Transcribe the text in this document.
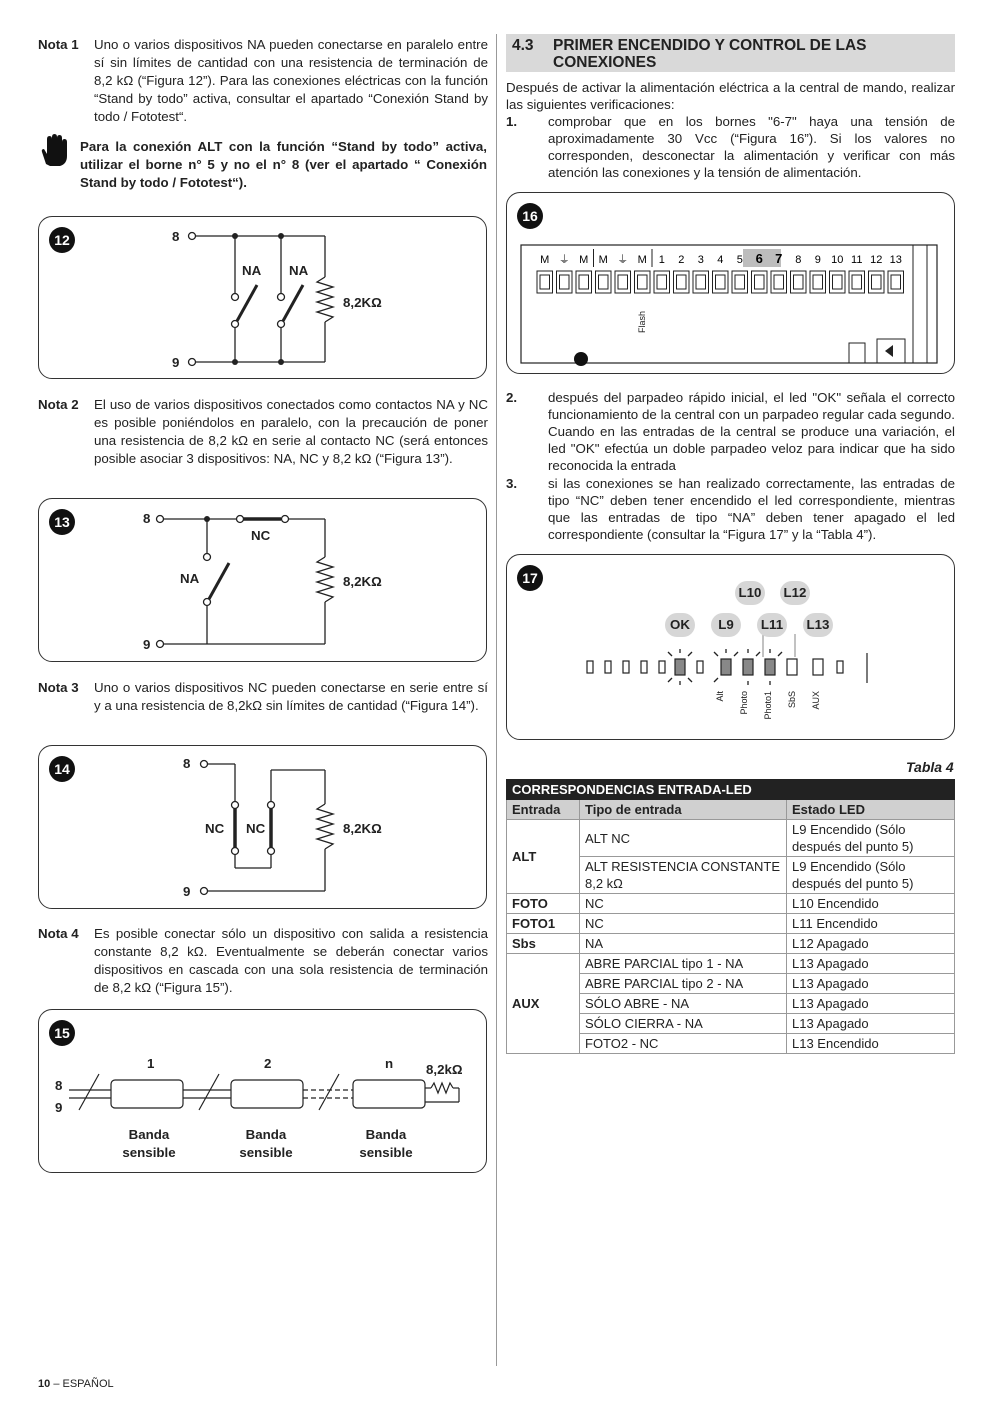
Nota 1 Uno o varios dispositivos NA pueden conectarse en paralelo entre sí sin límites de cantidad con una resistencia de terminación de 8,2 kΩ (“Figura 12”). Para las conexiones eléctricas con la función “Stand by todo” activa, consultar el apartado “Conexión Stand by todo / Fototest“.
Para la conexión ALT con la función “Stand by todo” activa, utilizar el borne n° 5 y no el n° 8 (ver el apartado “ Conexión Stand by todo / Fototest“).
12	8
9
NA NA
8,2KΩ
Nota 2 El uso de varios dispositivos conectados como contactos NA y NC es posible poniéndolos en paralelo, con la precaución de poner una resistencia de 8,2 kΩ en serie al contacto NC (será entonces posible asociar 3 dispositivos: NA, NC y 8,2 kΩ (“Figura 13”).
13	8
9
NC
NA	8,2KΩ
Nota 3 Uno o varios dispositivos NC pueden conectarse en serie entre sí y a una resistencia de 8,2kΩ sin límites de cantidad (“Figura 14”).
14	8
9
NC NC	8,2KΩ
Nota 4 Es posible conectar sólo un dispositivo con salida a resistencia constante 8,2 kΩ. Eventualmente se deberán conectar varios dispositivos en cascada con una sola resistencia de terminación de 8,2 kΩ (“Figura 15”).
15
8
9
1	2	n 8,2kΩ
Banda
sensible
Banda
sensible
Banda
sensible
4.3 PRIMER ENCENDIDO Y CONTROL DE LAS CONEXIONES
Después de activar la alimentación eléctrica a la central de mando, realizar las siguientes verificaciones:
1. comprobar que en los bornes "6-7" haya una tensión de aproximadamente 30 Vcc (“Figura 16”). Si los valores no corresponden, desconectar la alimentación y verificar con más atención las conexiones y la tensión de alimentación.
16
M ⏚ M M ⏚ M 1 2 3 4 5 6 7 8 9 10 11 12 13
Flash
2. después del parpadeo rápido inicial, el led "OK" señala el correcto funcionamiento de la central con un parpadeo regular cada segundo. Cuando en las entradas de la central se produce una variación, el led "OK" efectúa un doble parpadeo veloz para indicar que ha sido reconocida la entrada
3. si las conexiones se han realizado correctamente, las entradas de tipo “NC” deben tener encendido el led correspondiente, mientras que las entradas de tipo “NA” deben tener apagado el led correspondiente (consultar la “Figura 17” y la “Tabla 4”).
17
L10 L12
OK	L9	L11 L13
Alt Photo Photo1 SbS AUX
Tabla 4
CORRESPONDENCIAS ENTRADA-LED		
Entrada	Tipo de entrada	Estado LED
ALT	ALT NC	L9 Encendido (Sólo después del punto 5)
	ALT RESISTENCIA CONSTANTE 8,2 kΩ	L9 Encendido (Sólo después del punto 5)
FOTO	NC	L10 Encendido
FOTO1	NC	L11 Encendido
Sbs	NA	L12 Apagado
AUX	ABRE PARCIAL tipo 1 - NA	L13 Apagado
	ABRE PARCIAL tipo 2 - NA	L13 Apagado
	SÓLO ABRE - NA	L13 Apagado
	SÓLO CIERRA - NA	L13 Apagado
	FOTO2 - NC	L13 Encendido
10 – ESPAÑOL
